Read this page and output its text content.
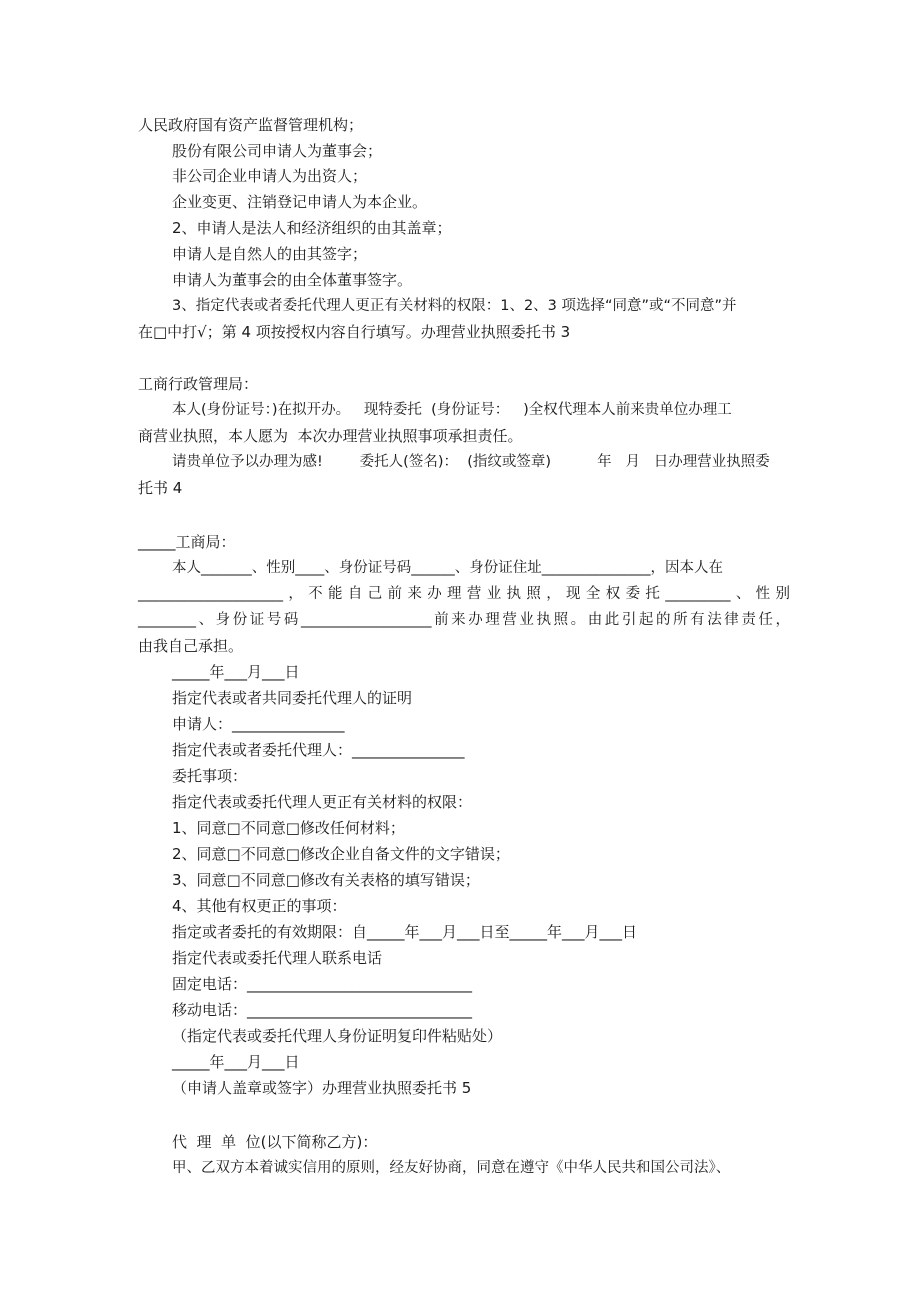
人民政府国有资产监督管理机构；
股份有限公司申请人为董事会；
非公司企业申请人为出资人；
企业变更、注销登记申请人为本企业。
2、申请人是法人和经济组织的由其盖章；
申请人是自然人的由其签字；
申请人为董事会的由全体董事签字。
3、指定代表或者委托代理人更正有关材料的权限：1、2、3 项选择“同意”或“不同意”并
在□中打√；第 4 项按授权内容自行填写。办理营业执照委托书 3
工商行政管理局：
本人(身份证号：)在拟开办。   现特委托  (身份证号：   )全权代理本人前来贵单位办理工
商营业执照，本人愿为  本次办理营业执照事项承担责任。
请贵单位予以办理为感!        委托人(签名)：  (指纹或签章)          年   月   日办理营业执照委
托书 4
_____工商局：
本人_______、性别____、身份证号码______、身份证住址_______________，因本人在
____________________，不能自己前来办理营业执照，现全权委托_________、性别
________、身份证号码__________________前来办理营业执照。由此引起的所有法律责任，
由我自己承担。
_____年___月___日
指定代表或者共同委托代理人的证明
申请人：_______________
指定代表或者委托代理人：_______________
委托事项：
指定代表或委托代理人更正有关材料的权限：
1、同意□不同意□修改任何材料；
2、同意□不同意□修改企业自备文件的文字错误；
3、同意□不同意□修改有关表格的填写错误；
4、其他有权更正的事项：
指定或者委托的有效期限：自_____年___月___日至_____年___月___日
指定代表或委托代理人联系电话
固定电话：______________________________
移动电话：______________________________
（指定代表或委托代理人身份证明复印件粘贴处）
_____年___月___日
（申请人盖章或签字）办理营业执照委托书 5
代  理  单  位(以下简称乙方)：
甲、乙双方本着诚实信用的原则，经友好协商，同意在遵守《中华人民共和国公司法》、
